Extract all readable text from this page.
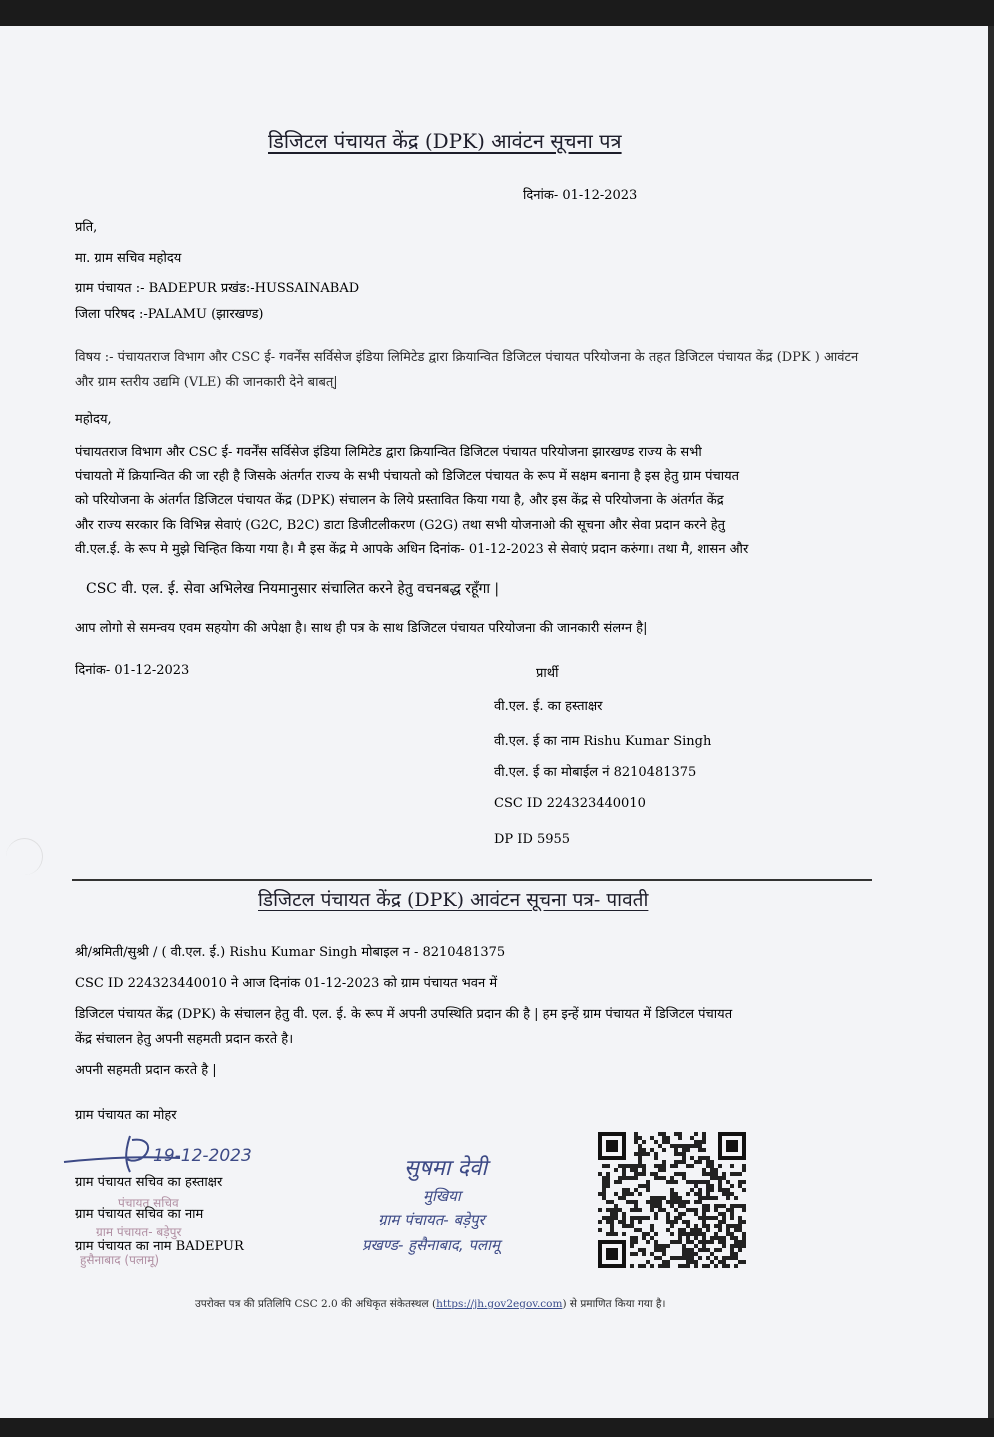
डिजिटल पंचायत केंद्र (DPK) आवंटन सूचना पत्र
दिनांक- 01-12-2023
प्रति,
मा. ग्राम सचिव महोदय
ग्राम पंचायत :- BADEPUR प्रखंड:-HUSSAINABAD
जिला परिषद :-PALAMU (झारखण्ड)
विषय :- पंचायतराज विभाग और CSC ई- गवर्नेंस सर्विसेज इंडिया लिमिटेड द्वारा क्रियान्वित डिजिटल पंचायत परियोजना के तहत डिजिटल पंचायत केंद्र (DPK ) आवंटन और ग्राम स्तरीय उद्यमि (VLE) की जानकारी देने बाबत्|
महोदय,
पंचायतराज विभाग और CSC ई- गवर्नेंस सर्विसेज इंडिया लिमिटेड द्वारा क्रियान्वित डिजिटल पंचायत परियोजना झारखण्ड राज्य के सभी
पंचायतो में क्रियान्वित की जा रही है जिसके अंतर्गत राज्य के सभी पंचायतो को डिजिटल पंचायत के रूप में सक्षम बनाना है इस हेतु ग्राम पंचायत
को परियोजना के अंतर्गत डिजिटल पंचायत केंद्र (DPK) संचालन के लिये प्रस्तावित किया गया है, और इस केंद्र से परियोजना के अंतर्गत केंद्र
और राज्य सरकार कि विभिन्न सेवाएं (G2C, B2C) डाटा डिजीटलीकरण (G2G) तथा सभी योजनाओ की सूचना और सेवा प्रदान करने हेतु
वी.एल.ई. के रूप मे मुझे चिन्हित किया गया है। मै इस केंद्र मे आपके अधिन दिनांक- 01-12-2023 से सेवाएं प्रदान करुंगा। तथा मै, शासन और
CSC वी. एल. ई. सेवा अभिलेख नियमानुसार संचालित करने हेतु वचनबद्ध रहूँगा |
आप लोगो से समन्वय एवम सहयोग की अपेक्षा है। साथ ही पत्र के साथ डिजिटल पंचायत परियोजना की जानकारी संलग्न है|
दिनांक- 01-12-2023	प्रार्थी
वी.एल. ई. का हस्ताक्षर
वी.एल. ई का नाम Rishu Kumar Singh
वी.एल. ई का मोबाईल नं 8210481375
CSC ID 224323440010
DP ID 5955
डिजिटल पंचायत केंद्र (DPK) आवंटन सूचना पत्र- पावती
श्री/श्रमिती/सुश्री / ( वी.एल. ई.) Rishu Kumar Singh मोबाइल न - 8210481375
CSC ID 224323440010 ने आज दिनांक 01-12-2023 को ग्राम पंचायत भवन में
डिजिटल पंचायत केंद्र (DPK) के संचालन हेतु वी. एल. ई. के रूप में अपनी उपस्थिति प्रदान की है | हम इन्हें ग्राम पंचायत में डिजिटल पंचायत
केंद्र संचालन हेतु अपनी सहमती प्रदान करते है।
अपनी सहमती प्रदान करते है |
ग्राम पंचायत का मोहर
19-12-2023
ग्राम पंचायत सचिव का हस्ताक्षर
पंचायत सचिव
ग्राम पंचायत सचिव का नाम
ग्राम पंचायत- बड़ेपुर
ग्राम पंचायत का नाम BADEPUR
हुसैनाबाद (पलामू)
सुषमा देवी
मुखिया
ग्राम पंचायत- बड़ेपुर
प्रखण्ड- हुसैनाबाद, पलामू
उपरोक्त पत्र की प्रतिलिपि CSC 2.0 की अधिकृत संकेतस्थल (https://jh.gov2egov.com) से प्रमाणित किया गया है।
